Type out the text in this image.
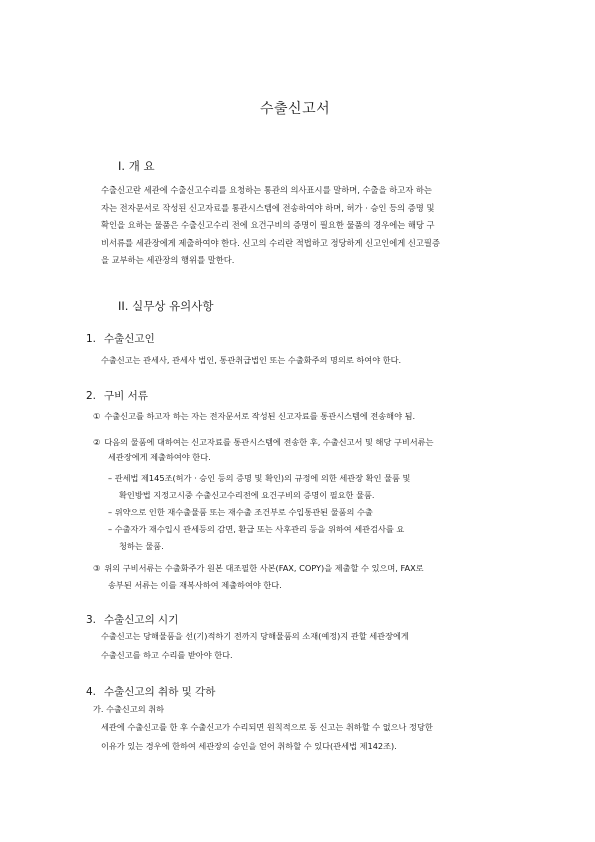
수출신고서
I. 개 요
수출신고란 세관에 수출신고수리를 요청하는 통관의 의사표시를 말하며, 수출을 하고자 하는
자는 전자문서로 작성된 신고자료를 통관시스템에 전송하여야 하며, 허가 · 승인 등의 증명 및
확인을 요하는 물품은 수출신고수리 전에 요건구비의 증명이 필요한 물품의 경우에는 해당 구
비서류를 세관장에게 제출하여야 한다. 신고의 수리란 적법하고 정당하게 신고인에게 신고필증
을 교부하는 세관장의 행위를 말한다.
II. 실무상 유의사항
1. 수출신고인
수출신고는 관세사, 관세사 법인, 통관취급법인 또는 수출화주의 명의로 하여야 한다.
2. 구비 서류
① 수출신고를 하고자 하는 자는 전자문서로 작성된 신고자료를 통관시스템에 전송해야 됨.
② 다음의 물품에 대하여는 신고자료를 통관시스템에 전송한 후, 수출신고서 및 해당 구비서류는
세관장에게 제출하여야 한다.
– 관세법 제145조(허가 · 승인 등의 증명 및 확인)의 규정에 의한 세관장 확인 물품 및
확인방법 지정고시중 수출신고수리전에 요건구비의 증명이 필요한 물품.
– 위약으로 인한 재수출물품 또는 재수출 조건부로 수입통관된 물품의 수출
– 수출자가 재수입시 관세등의 감면, 환급 또는 사후관리 등을 위하여 세관검사를 요
청하는 물품.
③ 위의 구비서류는 수출화주가 원본 대조필한 사본(FAX, COPY)을 제출할 수 있으며, FAX로
송부된 서류는 이를 재복사하여 제출하여야 한다.
3. 수출신고의 시기
수출신고는 당해물품을 선(기)적하기 전까지 당해물품의 소재(예정)지 관할 세관장에게
수출신고를 하고 수리를 받아야 한다.
4. 수출신고의 취하 및 각하
가. 수출신고의 취하
세관에 수출신고를 한 후 수출신고가 수리되면 원칙적으로 동 신고는 취하할 수 없으나 정당한
이유가 있는 경우에 한하여 세관장의 승인을 얻어 취하할 수 있다(관세법 제142조).
